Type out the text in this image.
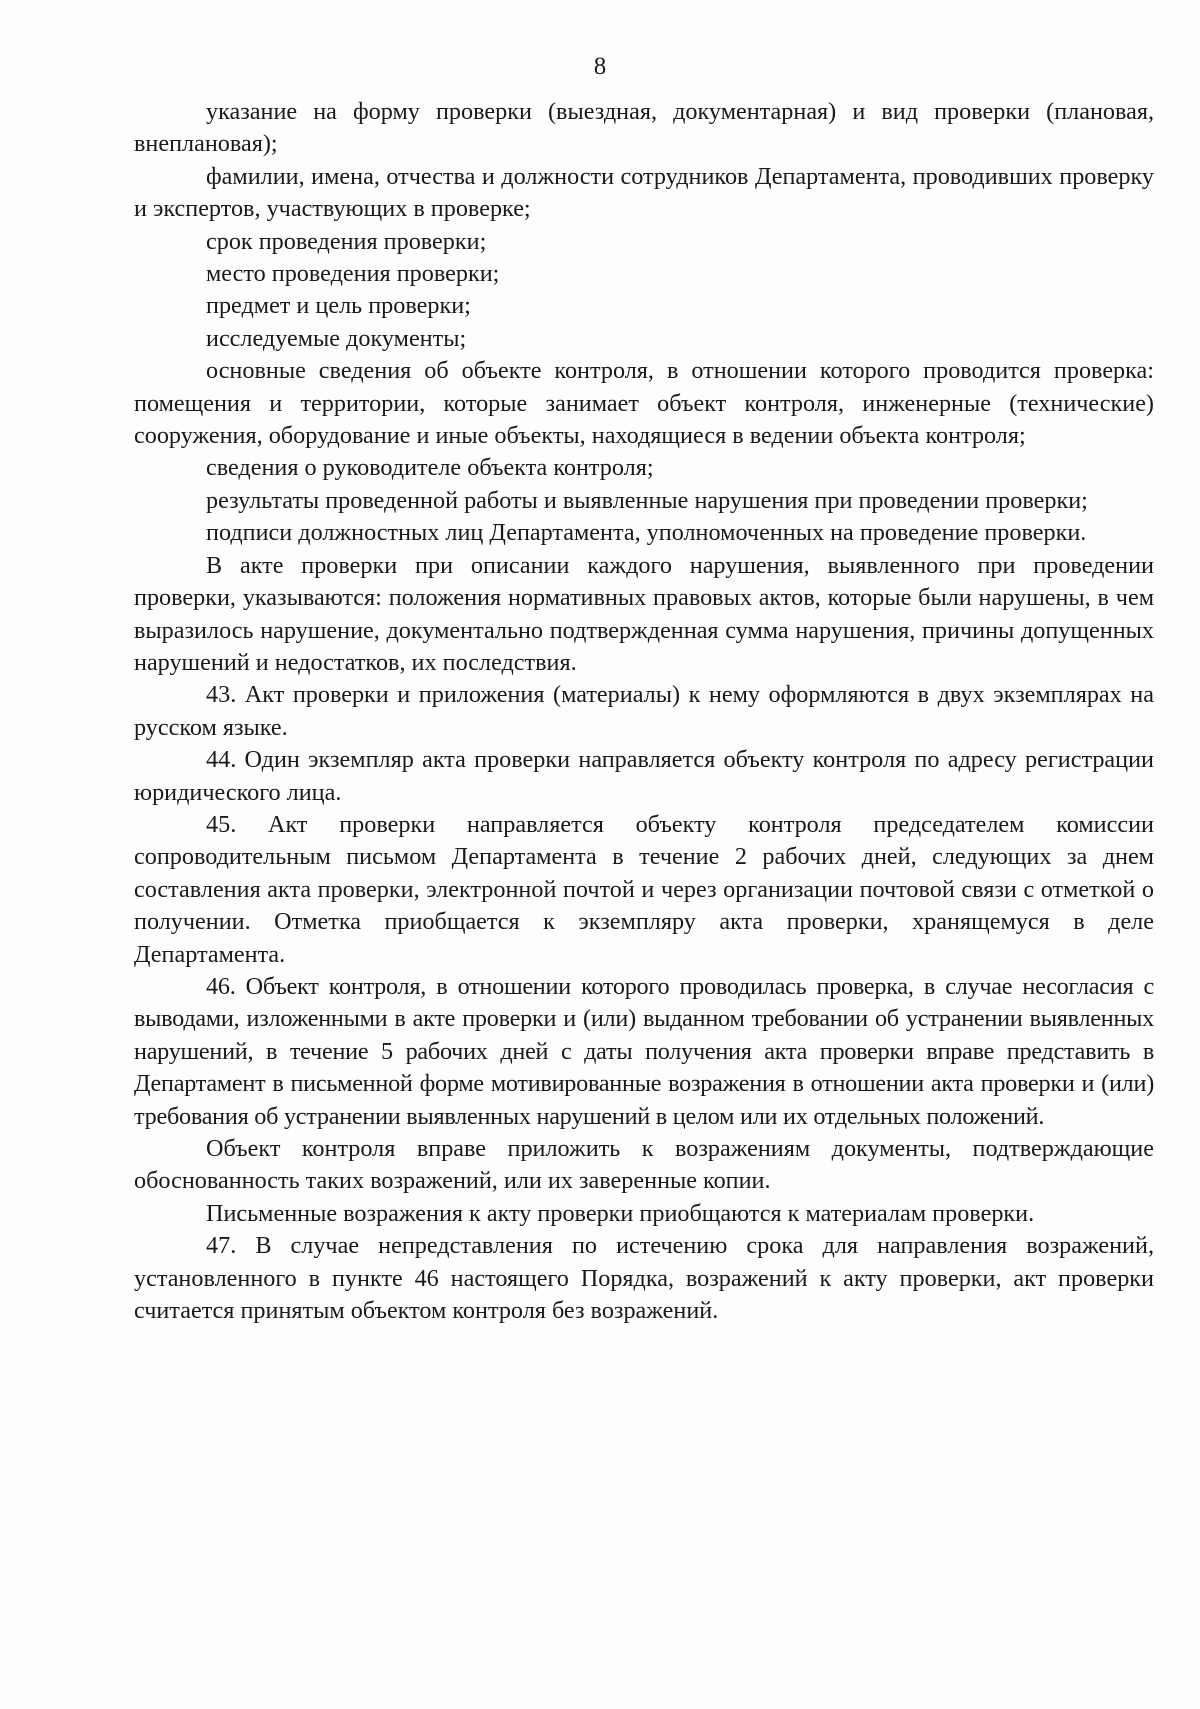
8

указание на форму проверки (выездная, документарная) и вид проверки (плановая, внеплановая);

фамилии, имена, отчества и должности сотрудников Департамента, проводивших проверку и экспертов, участвующих в проверке;

срок проведения проверки;

место проведения проверки;

предмет и цель проверки;

исследуемые документы;

основные сведения об объекте контроля, в отношении которого проводится проверка: помещения и территории, которые занимает объект контроля, инженерные (технические) сооружения, оборудование и иные объекты, находящиеся в ведении объекта контроля;

сведения о руководителе объекта контроля;

результаты проведенной работы и выявленные нарушения при проведении проверки;

подписи должностных лиц Департамента, уполномоченных на проведение проверки.

В акте проверки при описании каждого нарушения, выявленного при проведении проверки, указываются: положения нормативных правовых актов, которые были нарушены, в чем выразилось нарушение, документально подтвержденная сумма нарушения, причины допущенных нарушений и недостатков, их последствия.

43. Акт проверки и приложения (материалы) к нему оформляются в двух экземплярах на русском языке.

44. Один экземпляр акта проверки направляется объекту контроля по адресу регистрации юридического лица.

45. Акт проверки направляется объекту контроля председателем комиссии сопроводительным письмом Департамента в течение 2 рабочих дней, следующих за днем составления акта проверки, электронной почтой и через организации почтовой связи с отметкой о получении. Отметка приобщается к экземпляру акта проверки, хранящемуся в деле Департамента.

46. Объект контроля, в отношении которого проводилась проверка, в случае несогласия с выводами, изложенными в акте проверки и (или) выданном требовании об устранении выявленных нарушений, в течение 5 рабочих дней с даты получения акта проверки вправе представить в Департамент в письменной форме мотивированные возражения в отношении акта проверки и (или) требования об устранении выявленных нарушений в целом или их отдельных положений.

Объект контроля вправе приложить к возражениям документы, подтверждающие обоснованность таких возражений, или их заверенные копии.

Письменные возражения к акту проверки приобщаются к материалам проверки.

47. В случае непредставления по истечению срока для направления возражений, установленного в пункте 46 настоящего Порядка, возражений к акту проверки, акт проверки считается принятым объектом контроля без возражений.
